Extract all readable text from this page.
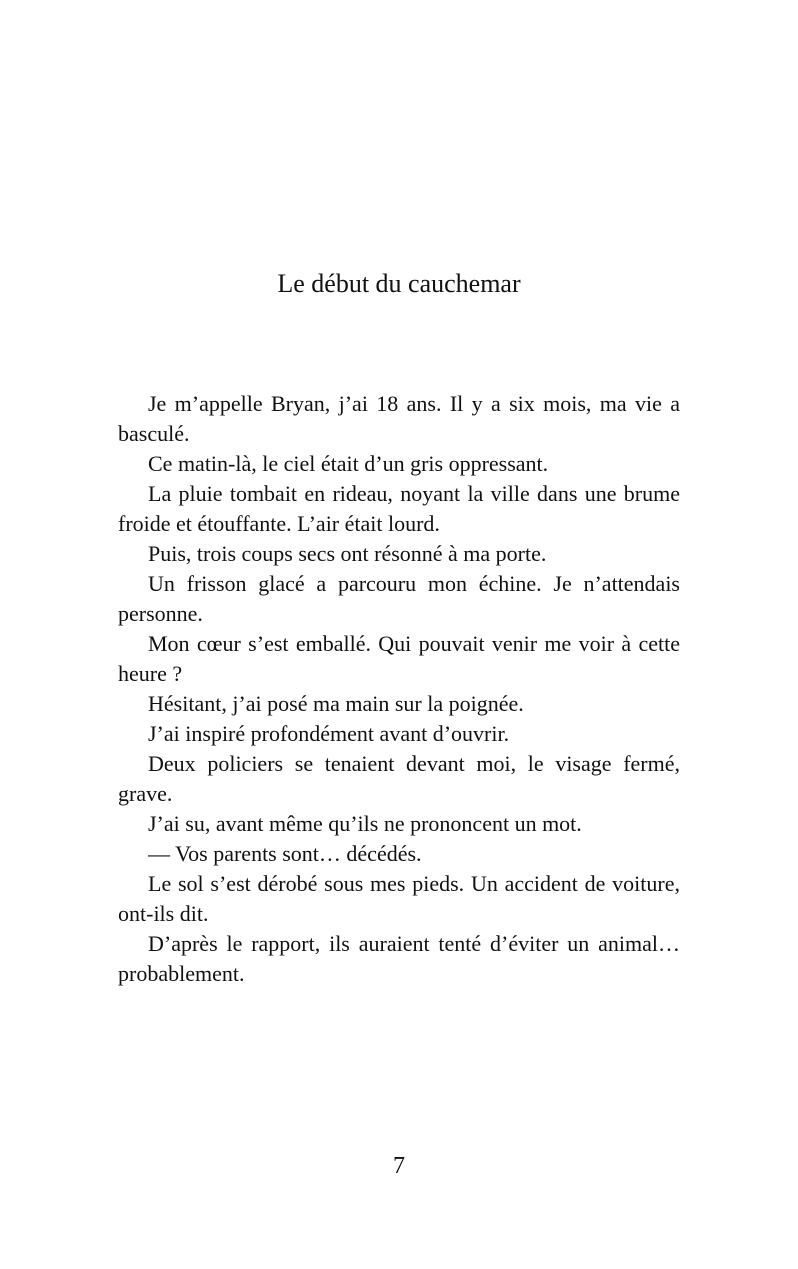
Le début du cauchemar

Je m’appelle Bryan, j’ai 18 ans. Il y a six mois, ma vie a basculé.

Ce matin-là, le ciel était d’un gris oppressant.

La pluie tombait en rideau, noyant la ville dans une brume froide et étouffante. L’air était lourd.

Puis, trois coups secs ont résonné à ma porte.

Un frisson glacé a parcouru mon échine. Je n’attendais personne.

Mon cœur s’est emballé. Qui pouvait venir me voir à cette heure ?

Hésitant, j’ai posé ma main sur la poignée.

J’ai inspiré profondément avant d’ouvrir.

Deux policiers se tenaient devant moi, le visage fermé, grave.

J’ai su, avant même qu’ils ne prononcent un mot.

— Vos parents sont… décédés.

Le sol s’est dérobé sous mes pieds. Un accident de voiture, ont-ils dit.

D’après le rapport, ils auraient tenté d’éviter un animal… probablement.

7
